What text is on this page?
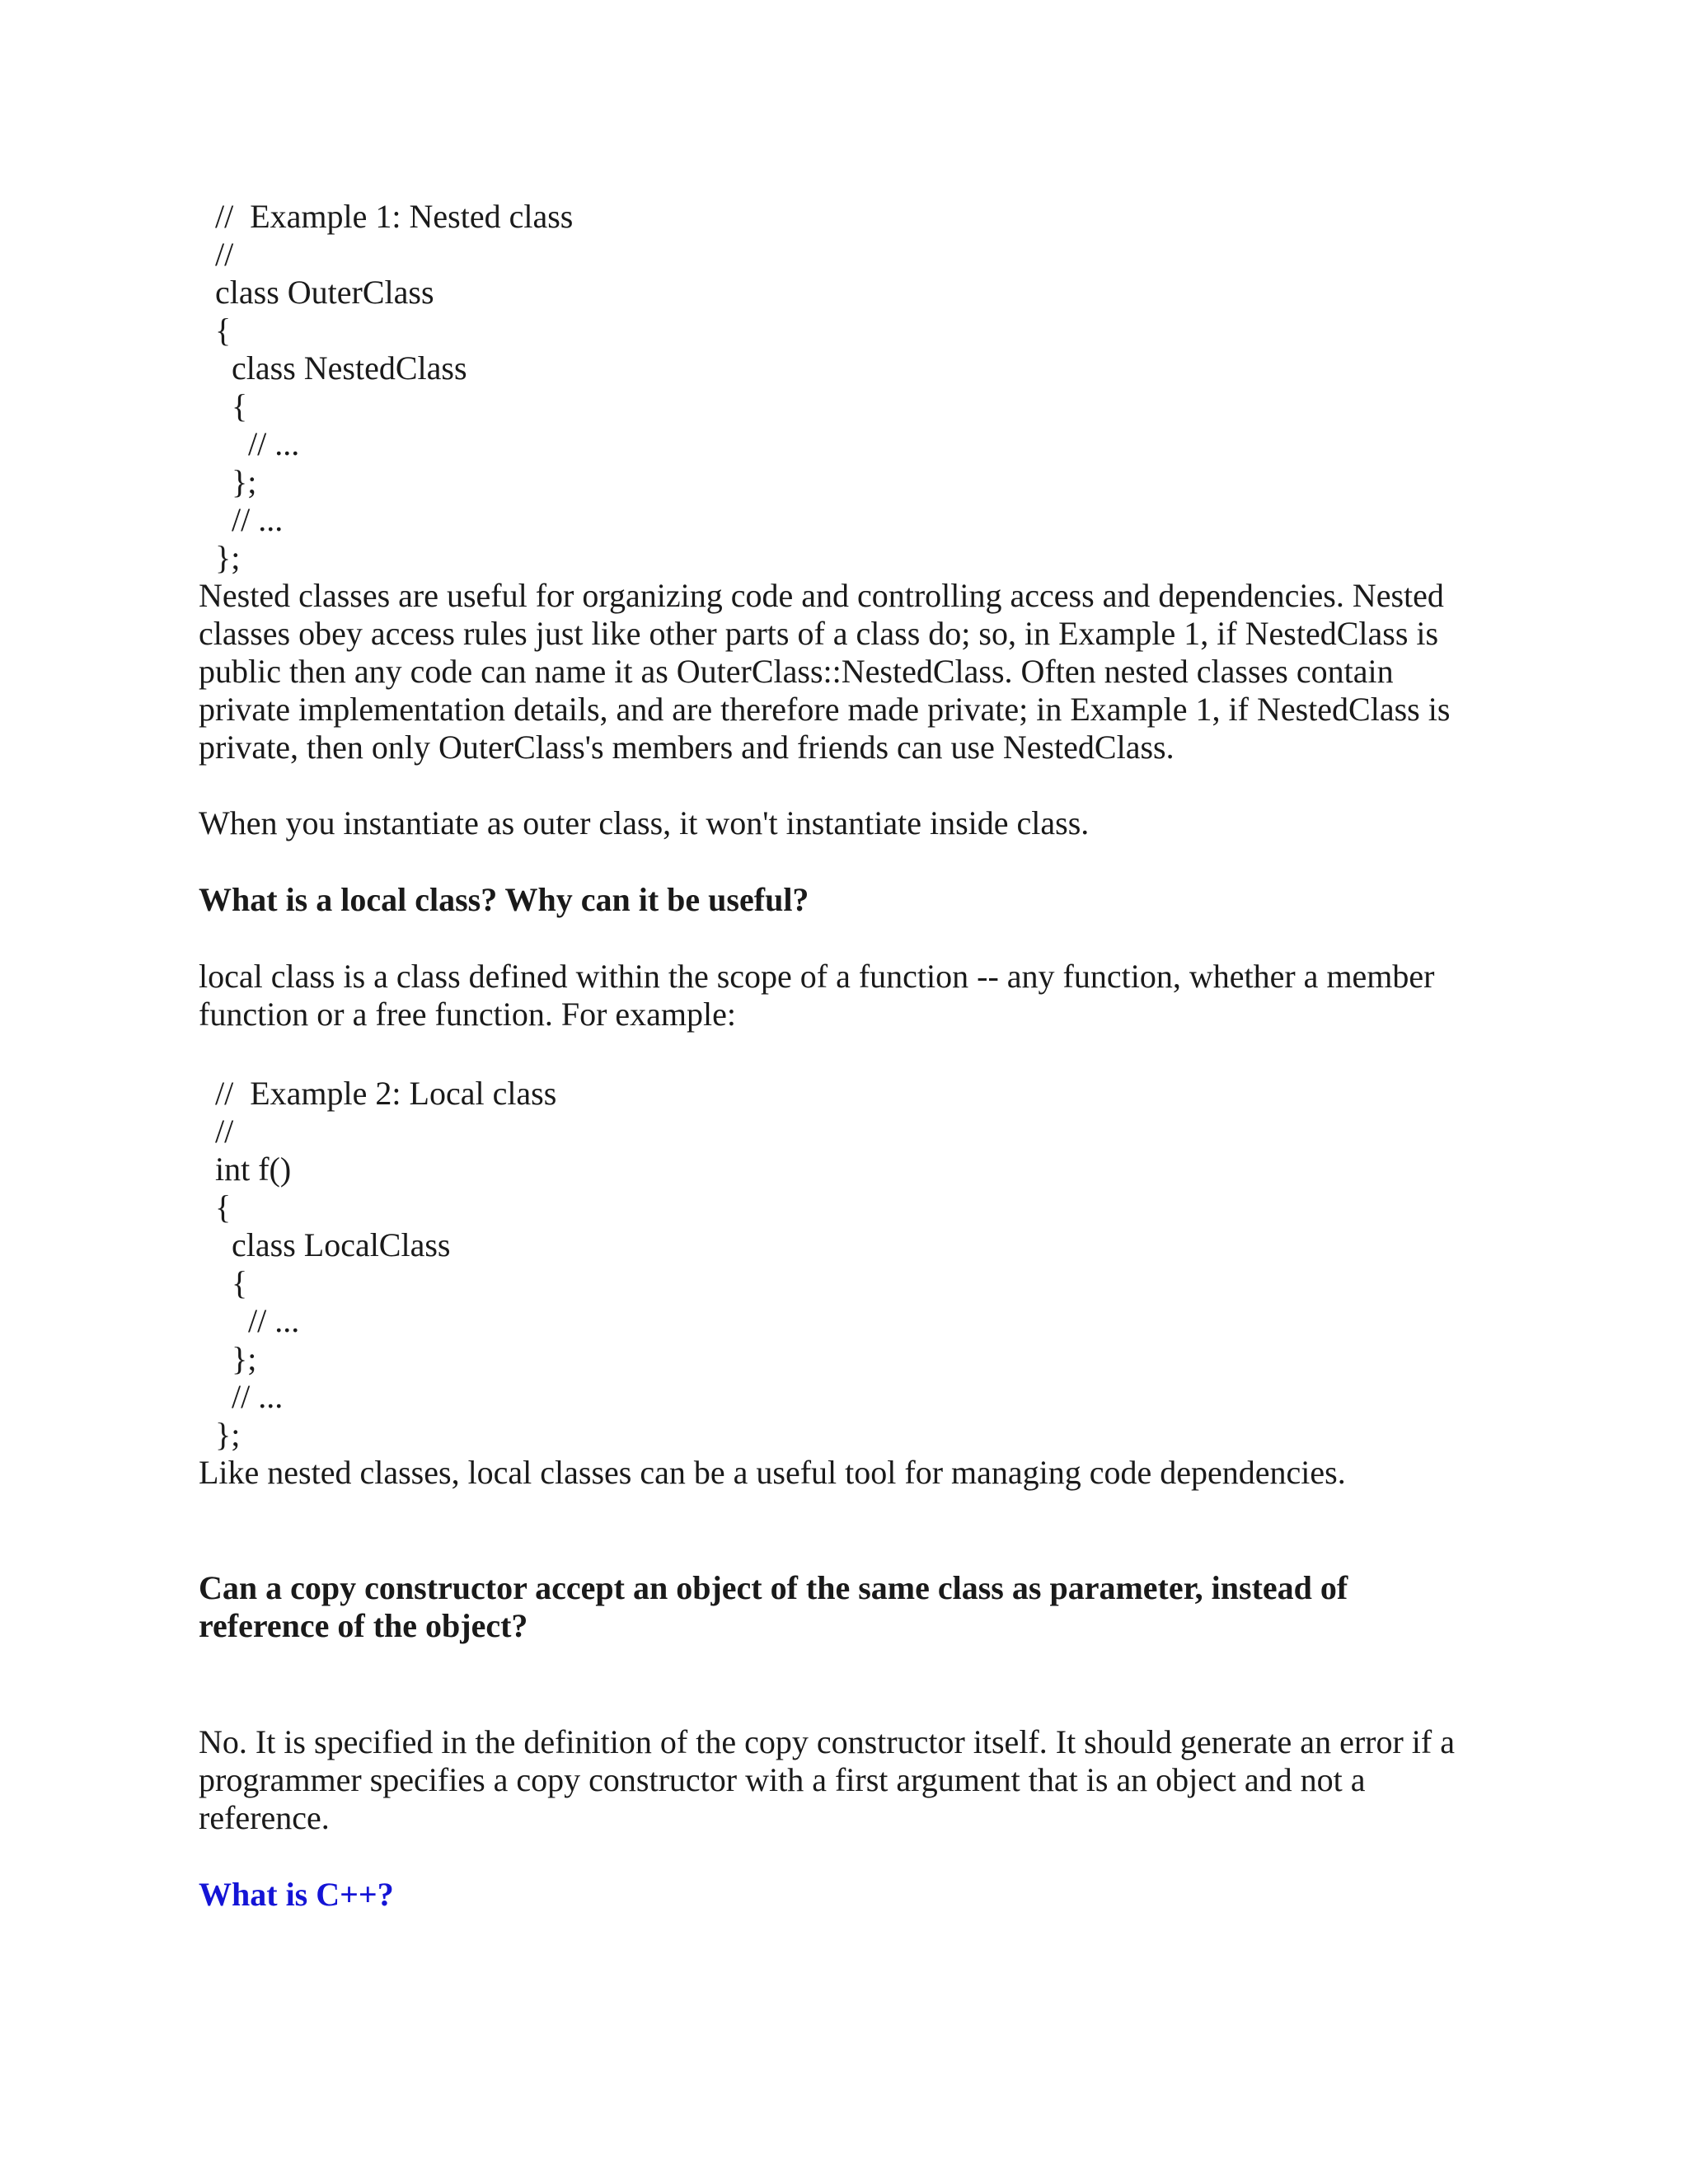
//  Example 1: Nested class

//

class OuterClass

{

class NestedClass

{

// ...

};

// ...

};

Nested classes are useful for organizing code and controlling access and dependencies. Nested classes obey access rules just like other parts of a class do; so, in Example 1, if NestedClass is public then any code can name it as OuterClass::NestedClass. Often nested classes contain private implementation details, and are therefore made private; in Example 1, if NestedClass is private, then only OuterClass's members and friends can use NestedClass.

When you instantiate as outer class, it won't instantiate inside class.

What is a local class? Why can it be useful?

local class is a class defined within the scope of a function -- any function, whether a member function or a free function. For example:

//  Example 2: Local class

//

int f()

{

class LocalClass

{

// ...

};

// ...

};

Like nested classes, local classes can be a useful tool for managing code dependencies.

Can a copy constructor accept an object of the same class as parameter, instead of reference of the object?

No. It is specified in the definition of the copy constructor itself. It should generate an error if a programmer specifies a copy constructor with a first argument that is an object and not a reference.

What is C++?
